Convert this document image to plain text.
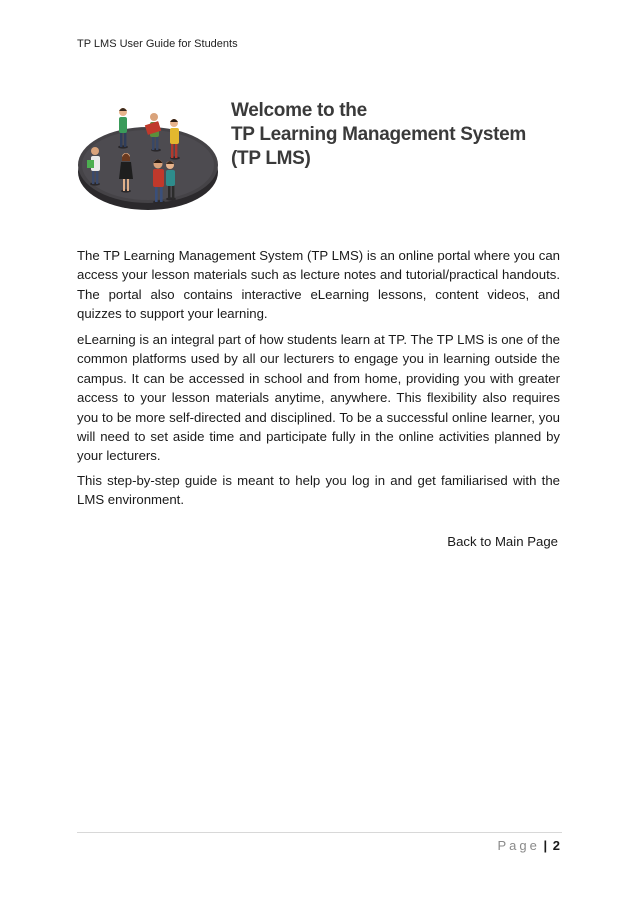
TP LMS User Guide for Students
Welcome to the
TP Learning Management System
(TP LMS)

The TP Learning Management System (TP LMS) is an online portal where you can access your lesson materials such as lecture notes and tutorial/practical handouts. The portal also contains interactive eLearning lessons, content videos, and quizzes to support your learning.

eLearning is an integral part of how students learn at TP. The TP LMS is one of the common platforms used by all our lecturers to engage you in learning outside the campus. It can be accessed in school and from home, providing you with greater access to your lesson materials anytime, anywhere. This flexibility also requires you to be more self-directed and disciplined. To be a successful online learner, you will need to set aside time and participate fully in the online activities planned by your lecturers.

This step-by-step guide is meant to help you log in and get familiarised with the LMS environment.

Back to Main Page
Page | 2
